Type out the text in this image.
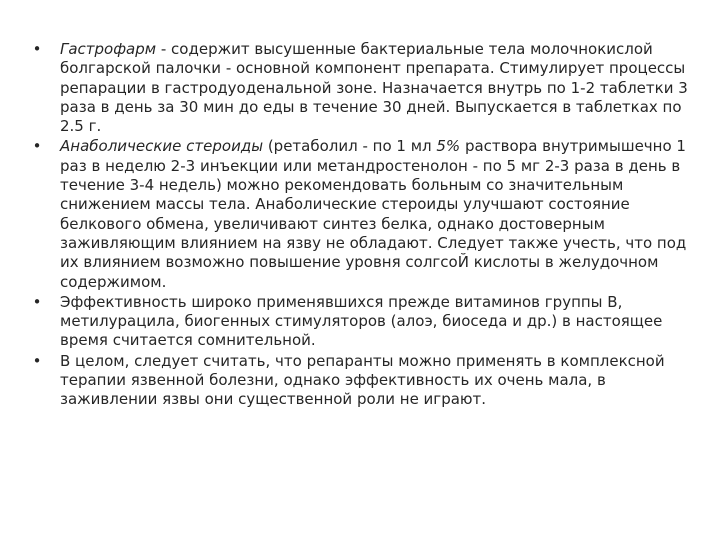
• Гастрофарм - содержит высушенные бактериальные тела молочнокислой болгарской палочки - основной компонент препарата. Стимулирует процессы репарации в гастродуоденальной зоне. Назначается внутрь по 1-2 таблетки 3 раза в день за 30 мин до еды в течение 30 дней. Выпускается в таблетках по 2.5 г.
• Анаболические стероиды (ретаболил - по 1 мл 5% раствора внутримышечно 1 раз в неделю 2-3 инъекции или метандростенолон - по 5 мг 2-3 раза в день в течение 3-4 недель) можно рекомендовать больным со значительным снижением массы тела. Анаболические стероиды улучшают состояние белкового обмена, увеличивают синтез белка, однако достоверным заживляющим влиянием на язву не обладают. Следует также учесть, что под их влиянием возможно повышение уровня солгсоЙ кислоты в желудочном содержимом.
• Эффективность широко применявшихся прежде витаминов группы В, метилурацила, биогенных стимуляторов (алоэ, биоседа и др.) в настоящее время считается сомнительной.
• В целом, следует считать, что репаранты можно применять в комплексной терапии язвенной болезни, однако эффективность их очень мала, в заживлении язвы они существенной роли не играют.
